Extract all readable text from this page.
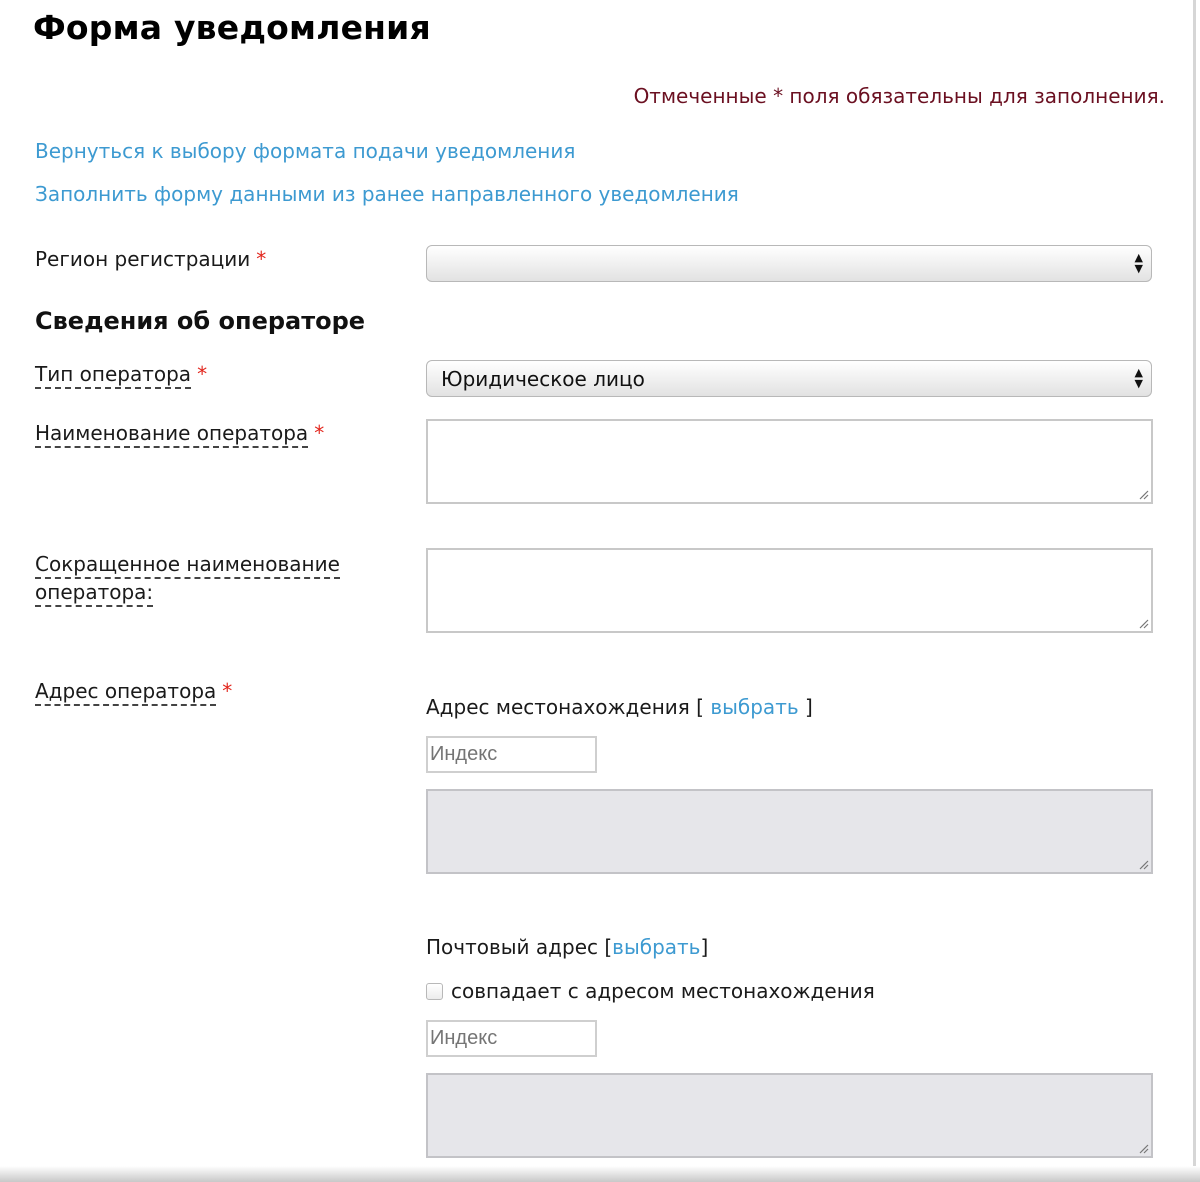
Форма уведомления
Отмеченные * поля обязательны для заполнения.
Вернуться к выбору формата подачи уведомления
Заполнить форму данными из ранее направленного уведомления
Регион регистрации *	▲
▼
Сведения об операторе
Тип оператора *	Юридическое лицо	▲
▼
Наименование оператора *
Сокращенное наименование
оператора:
Адрес оператора *
Адрес местонахождения [ выбрать ]
Индекс
Почтовый адрес [выбрать]
совпадает с адресом местонахождения
Индекс
